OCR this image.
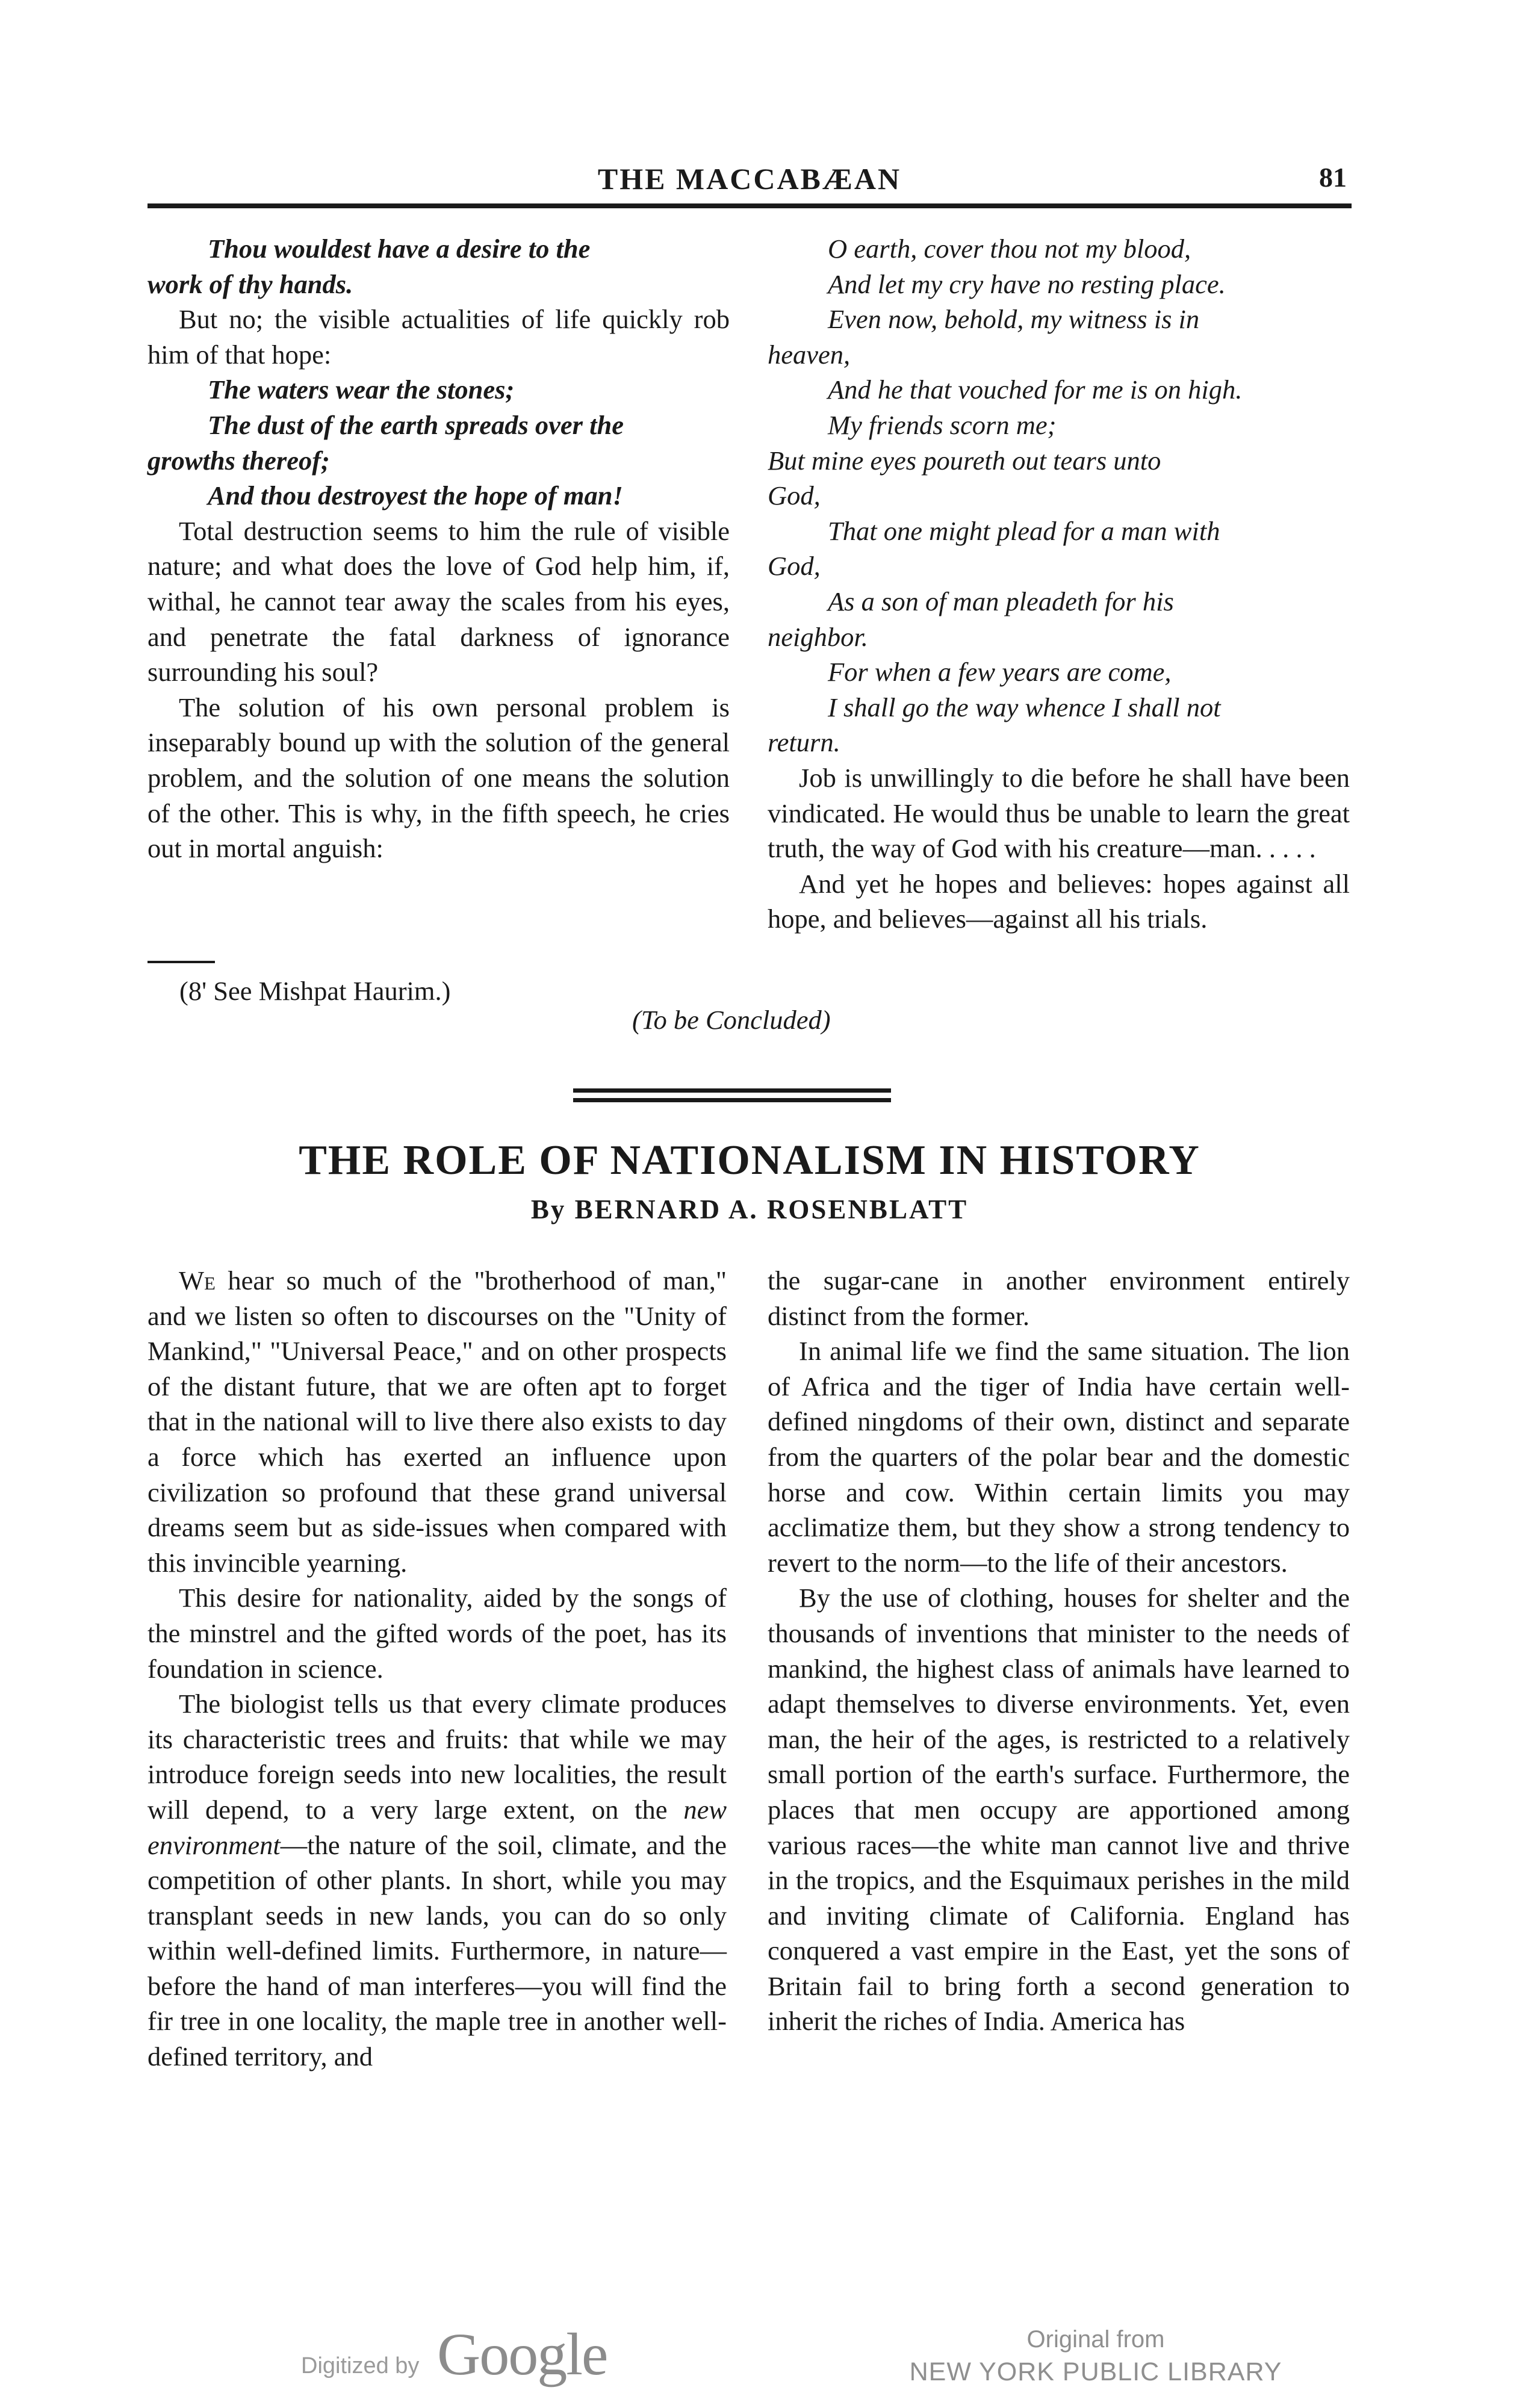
THE MACCABÆAN	81

Thou wouldest have a desire to the

work of thy hands.

But no; the visible actualities of life quickly rob him of that hope:

The waters wear the stones;

The dust of the earth spreads over the

growths thereof;

And thou destroyest the hope of man!

Total destruction seems to him the rule of visible nature; and what does the love of God help him, if, withal, he cannot tear away the scales from his eyes, and penetrate the fatal darkness of ignorance surrounding his soul?

The solution of his own personal problem is inseparably bound up with the solution of the general problem, and the solution of one means the solution of the other. This is why, in the fifth speech, he cries out in mortal anguish:

(8' See Mishpat Haurim.)

O earth, cover thou not my blood,

And let my cry have no resting place.

Even now, behold, my witness is in

heaven,

And he that vouched for me is on high.

My friends scorn me;

But mine eyes poureth out tears unto

God,

That one might plead for a man with

God,

As a son of man pleadeth for his

neighbor.

For when a few years are come,

I shall go the way whence I shall not

return.

Job is unwillingly to die before he shall have been vindicated. He would thus be unable to learn the great truth, the way of God with his creature—man. . . . .

And yet he hopes and believes: hopes against all hope, and believes—against all his trials.

(To be Concluded)
THE ROLE OF NATIONALISM IN HISTORY
By BERNARD A. ROSENBLATT

We hear so much of the "brotherhood of man," and we listen so often to discourses on the "Unity of Mankind," "Universal Peace," and on other prospects of the distant future, that we are often apt to forget that in the national will to live there also exists to day a force which has exerted an influence upon civilization so profound that these grand universal dreams seem but as side-issues when compared with this invincible yearning.

This desire for nationality, aided by the songs of the minstrel and the gifted words of the poet, has its foundation in science.

The biologist tells us that every climate produces its characteristic trees and fruits: that while we may introduce foreign seeds into new localities, the result will depend, to a very large extent, on the new environment—the nature of the soil, climate, and the competition of other plants. In short, while you may transplant seeds in new lands, you can do so only within well-defined limits. Furthermore, in nature—before the hand of man interferes—you will find the fir tree in one locality, the maple tree in another well-defined territory, and

the sugar-cane in another environment entirely distinct from the former.

In animal life we find the same situation. The lion of Africa and the tiger of India have certain well-defined ningdoms of their own, distinct and separate from the quarters of the polar bear and the domestic horse and cow. Within certain limits you may acclimatize them, but they show a strong tendency to revert to the norm—to the life of their ancestors.

By the use of clothing, houses for shelter and the thousands of inventions that minister to the needs of mankind, the highest class of animals have learned to adapt themselves to diverse environments. Yet, even man, the heir of the ages, is restricted to a relatively small portion of the earth's surface. Furthermore, the places that men occupy are apportioned among various races—the white man cannot live and thrive in the tropics, and the Esquimaux perishes in the mild and inviting climate of California. England has conquered a vast empire in the East, yet the sons of Britain fail to bring forth a second generation to inherit the riches of India. America has

Digitized by Google	Original from
NEW YORK PUBLIC LIBRARY
